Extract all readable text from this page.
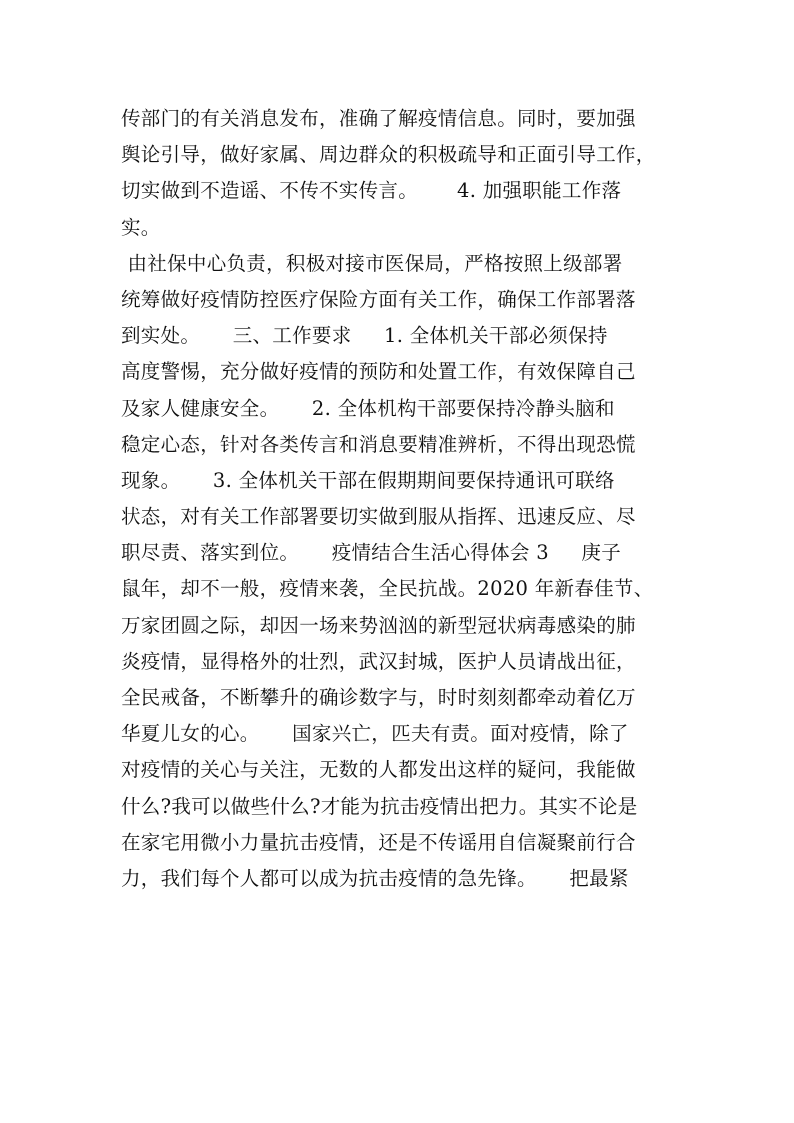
传部门的有关消息发布，准确了解疫情信息。同时，要加强
舆论引导，做好家属、周边群众的积极疏导和正面引导工作，
切实做到不造谣、不传不实传言。      4. 加强职能工作落
实。
由社保中心负责，积极对接市医保局，严格按照上级部署
统筹做好疫情防控医疗保险方面有关工作，确保工作部署落
到实处。     三、工作要求     1. 全体机关干部必须保持
高度警惕，充分做好疫情的预防和处置工作，有效保障自己
及家人健康安全。     2. 全体机构干部要保持冷静头脑和
稳定心态，针对各类传言和消息要精准辨析，不得出现恐慌
现象。     3. 全体机关干部在假期期间要保持通讯可联络
状态，对有关工作部署要切实做到服从指挥、迅速反应、尽
职尽责、落实到位。     疫情结合生活心得体会 3     庚子
鼠年，却不一般，疫情来袭，全民抗战。2020 年新春佳节、
万家团圆之际，却因一场来势汹汹的新型冠状病毒感染的肺
炎疫情，显得格外的壮烈，武汉封城，医护人员请战出征，
全民戒备，不断攀升的确诊数字与，时时刻刻都牵动着亿万
华夏儿女的心。     国家兴亡，匹夫有责。面对疫情，除了
对疫情的关心与关注，无数的人都发出这样的疑问，我能做
什么?我可以做些什么?才能为抗击疫情出把力。其实不论是
在家宅用微小力量抗击疫情，还是不传谣用自信凝聚前行合
力，我们每个人都可以成为抗击疫情的急先锋。     把最紧
